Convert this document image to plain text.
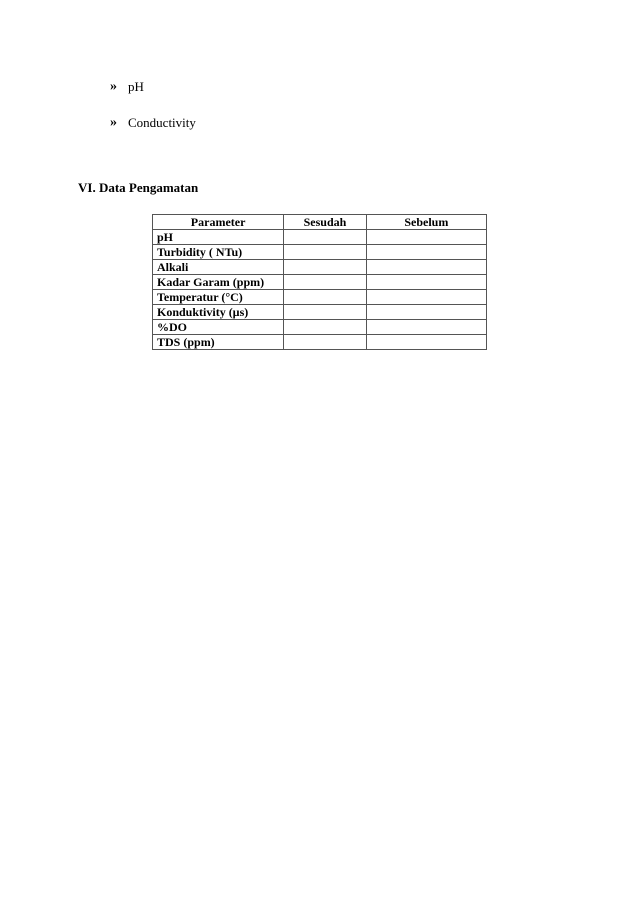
» pH
» Conductivity
VI. Data Pengamatan
Parameter	Sesudah	Sebelum
pH		
Turbidity ( NTu)		
Alkali		
Kadar Garam (ppm)		
Temperatur (°C)		
Konduktivity (µs)		
%DO		
TDS (ppm)		
